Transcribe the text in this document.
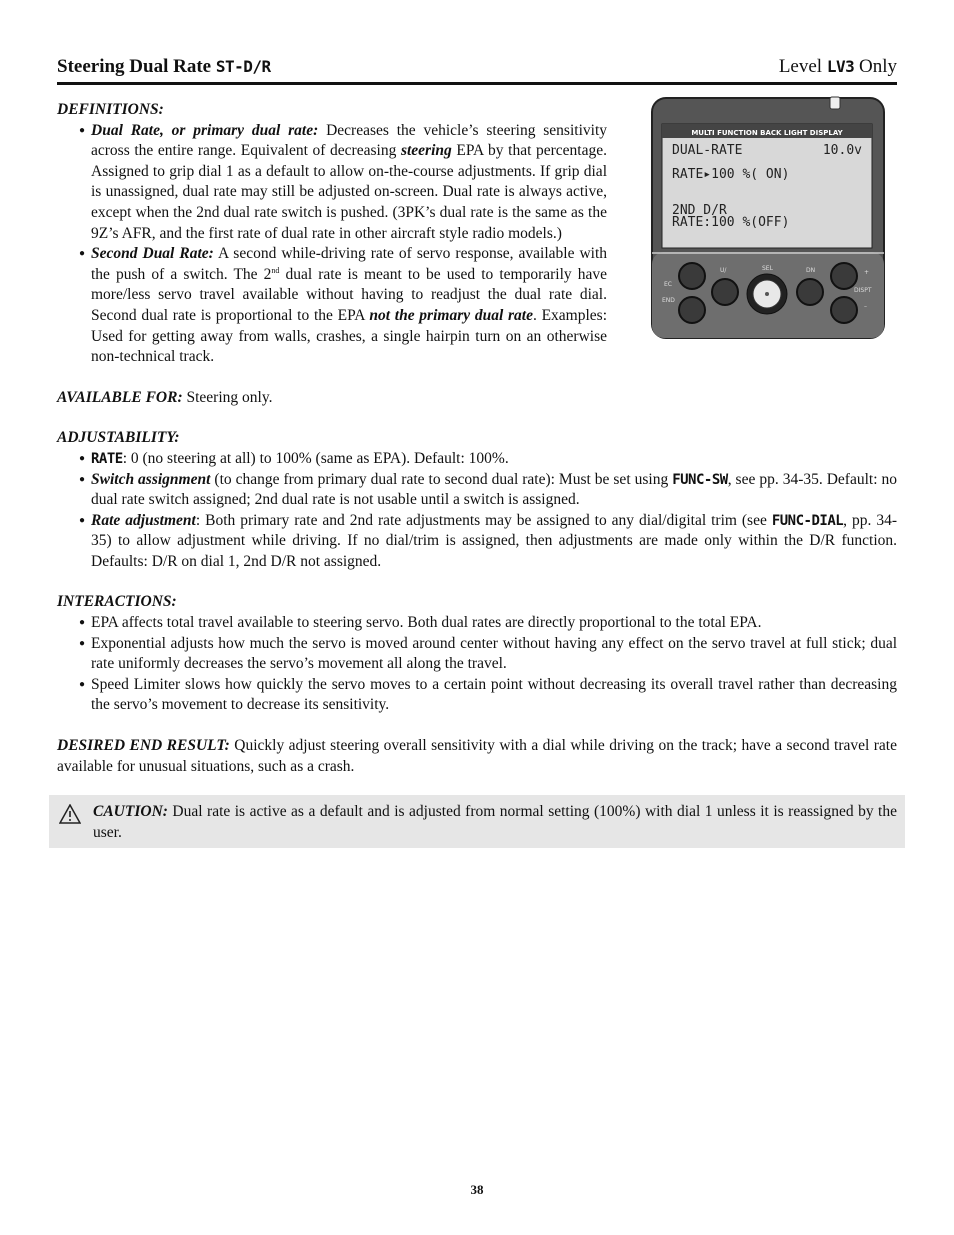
Steering Dual Rate ST-D/R	Level LV3 Only
MULTI FUNCTION BACK LIGHT DISPLAY
DUAL-RATE	10.0v
RATE▸100 %( ON)
2ND D/R
RATE:100 %(OFF)
EC
END
U/	SEL	DN	+
DISPT
–
DEFINITIONS:
● Dual Rate, or primary dual rate: Decreases the vehicle’s steering sensitivity across the entire range. Equivalent of decreasing steering EPA by that percentage. Assigned to grip dial 1 as a default to allow on-the-course adjustments. If grip dial is unassigned, dual rate may still be adjusted on-screen. Dual rate is always active, except when the 2nd dual rate switch is pushed. (3PK’s dual rate is the same as the 9Z’s AFR, and the first rate of dual rate in other aircraft style radio models.)
● Second Dual Rate: A second while-driving rate of servo response, available with the push of a switch. The 2nd dual rate is meant to be used to temporarily have more/less servo travel available without having to readjust the dual rate dial. Second dual rate is proportional to the EPA not the primary dual rate. Examples: Used for getting away from walls, crashes, a single hairpin turn on an otherwise non-technical track.
AVAILABLE FOR: Steering only.
ADJUSTABILITY:
● RATE: 0 (no steering at all) to 100% (same as EPA). Default: 100%.
● Switch assignment (to change from primary dual rate to second dual rate): Must be set using FUNC-SW, see pp. 34-35. Default: no dual rate switch assigned; 2nd dual rate is not usable until a switch is assigned.
● Rate adjustment: Both primary rate and 2nd rate adjustments may be assigned to any dial/digital trim (see FUNC-DIAL, pp. 34-35) to allow adjustment while driving. If no dial/trim is assigned, then adjustments are made only within the D/R function. Defaults: D/R on dial 1, 2nd D/R not assigned.
INTERACTIONS:
● EPA affects total travel available to steering servo. Both dual rates are directly proportional to the total EPA.
● Exponential adjusts how much the servo is moved around center without having any effect on the servo travel at full stick; dual rate uniformly decreases the servo’s movement all along the travel.
● Speed Limiter slows how quickly the servo moves to a certain point without decreasing its overall travel rather than decreasing the servo’s movement to decrease its sensitivity.
DESIRED END RESULT: Quickly adjust steering overall sensitivity with a dial while driving on the track; have a second travel rate available for unusual situations, such as a crash.
CAUTION: Dual rate is active as a default and is adjusted from normal setting (100%) with dial 1 unless it is reassigned by the user.
38
